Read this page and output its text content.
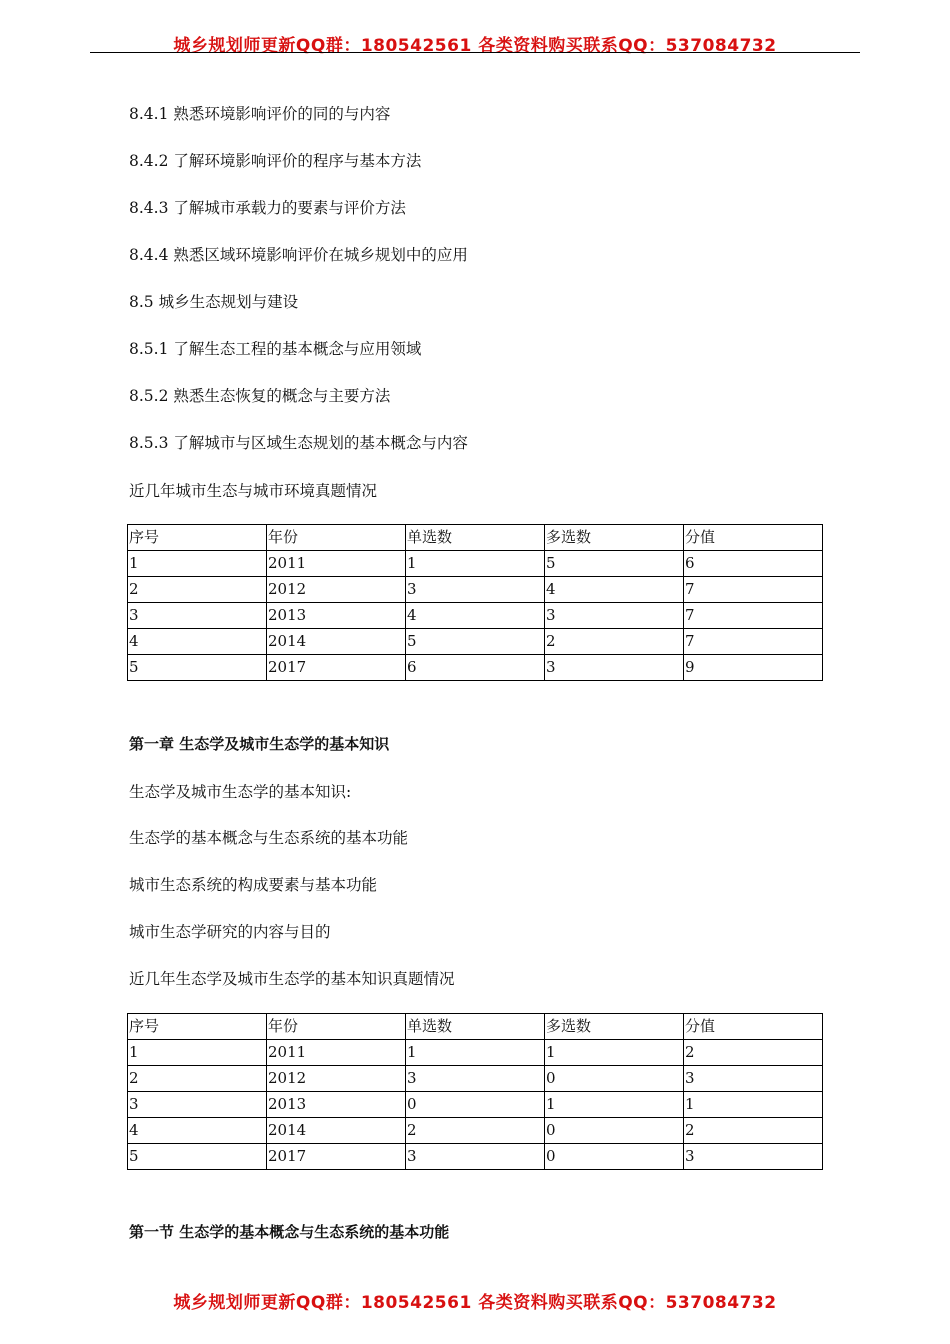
城乡规划师更新QQ群：180542561 各类资料购买联系QQ：537084732
8.4.1 熟悉环境影响评价的同的与内容
8.4.2 了解环境影响评价的程序与基本方法
8.4.3 了解城市承载力的要素与评价方法
8.4.4 熟悉区域环境影响评价在城乡规划中的应用
8.5 城乡生态规划与建设
8.5.1 了解生态工程的基本概念与应用领域
8.5.2 熟悉生态恢复的概念与主要方法
8.5.3 了解城市与区域生态规划的基本概念与内容
近几年城市生态与城市环境真题情况
序号	年份	单选数	多选数	分值
1	2011	1	5	6
2	2012	3	4	7
3	2013	4	3	7
4	2014	5	2	7
5	2017	6	3	9
第一章 生态学及城市生态学的基本知识
生态学及城市生态学的基本知识:
生态学的基本概念与生态系统的基本功能
城市生态系统的构成要素与基本功能
城市生态学研究的内容与目的
近几年生态学及城市生态学的基本知识真题情况
序号	年份	单选数	多选数	分值
1	2011	1	1	2
2	2012	3	0	3
3	2013	0	1	1
4	2014	2	0	2
5	2017	3	0	3
第一节 生态学的基本概念与生态系统的基本功能
城乡规划师更新QQ群：180542561 各类资料购买联系QQ：537084732
